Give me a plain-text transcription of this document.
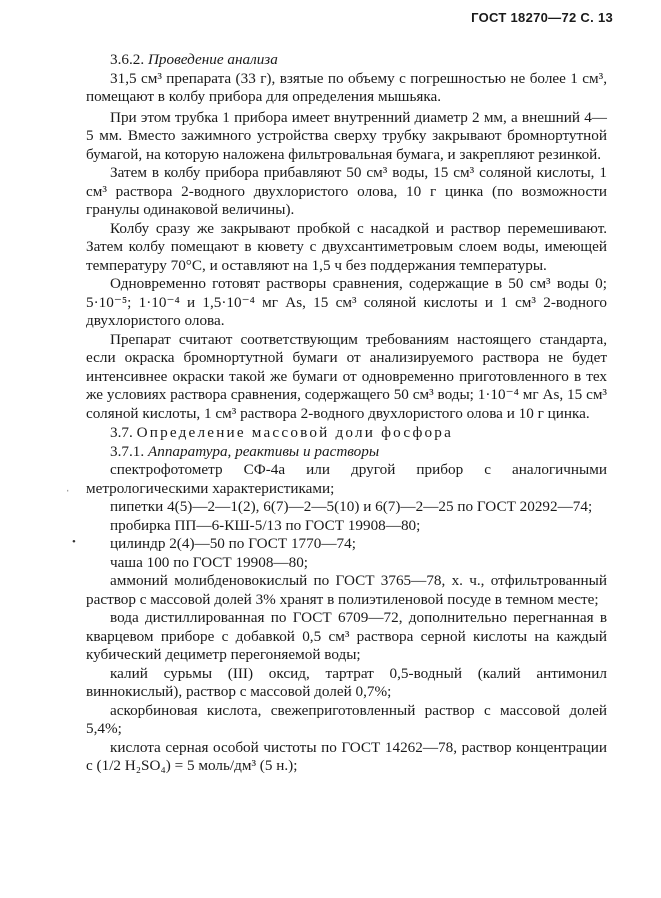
ГОСТ 18270—72 С. 13

3.6.2. Проведение анализа

31,5 см³ препарата (33 г), взятые по объему с погрешностью не более 1 см³, помещают в колбу прибора для определения мышьяка.

При этом трубка 1 прибора имеет внутренний диаметр 2 мм, а внешний 4—5 мм. Вместо зажимного устройства сверху трубку закрывают бромнортутной бумагой, на которую наложена фильтровальная бумага, и закрепляют резинкой.

Затем в колбу прибора прибавляют 50 см³ воды, 15 см³ соляной кислоты, 1 см³ раствора 2-водного двухлористого олова, 10 г цинка (по возможности гранулы одинаковой величины).

Колбу сразу же закрывают пробкой с насадкой и раствор перемешивают. Затем колбу помещают в кювету с двухсантиметровым слоем воды, имеющей температуру 70°С, и оставляют на 1,5 ч без поддержания температуры.

Одновременно готовят растворы сравнения, содержащие в 50 см³ воды 0; 5·10⁻⁵; 1·10⁻⁴ и 1,5·10⁻⁴ мг As, 15 см³ соляной кислоты и 1 см³ 2-водного двухлористого олова.

Препарат считают соответствующим требованиям настоящего стандарта, если окраска бромнортутной бумаги от анализируемого раствора не будет интенсивнее окраски такой же бумаги от одновременно приготовленного в тех же условиях раствора сравнения, содержащего 50 см³ воды; 1·10⁻⁴ мг As, 15 см³ соляной кислоты, 1 см³ раствора 2-водного двухлористого олова и 10 г цинка.

3.7. Определение массовой доли фосфора

3.7.1. Аппаратура, реактивы и растворы

спектрофотометр СФ-4а или другой прибор с аналогичными метрологическими характеристиками;

пипетки 4(5)—2—1(2), 6(7)—2—5(10) и 6(7)—2—25 по ГОСТ 20292—74;

пробирка ПП—6-КШ-5/13 по ГОСТ 19908—80;

цилиндр 2(4)—50 по ГОСТ 1770—74;

чаша 100 по ГОСТ 19908—80;

аммоний молибденовокислый по ГОСТ 3765—78, х. ч., отфильтрованный раствор с массовой долей 3% хранят в полиэтиленовой посуде в темном месте;

вода дистиллированная по ГОСТ 6709—72, дополнительно перегнанная в кварцевом приборе с добавкой 0,5 см³ раствора серной кислоты на каждый кубический дециметр перегоняемой воды;

калий сурьмы (III) оксид, тартрат 0,5-водный (калий антимонил виннокислый), раствор с массовой долей 0,7%;

аскорбиновая кислота, свежеприготовленный раствор с массовой долей 5,4%;

кислота серная особой чистоты по ГОСТ 14262—78, раствор концентрации с (1/2 H₂SO₄) = 5 моль/дм³ (5 н.);

ˈ
•
